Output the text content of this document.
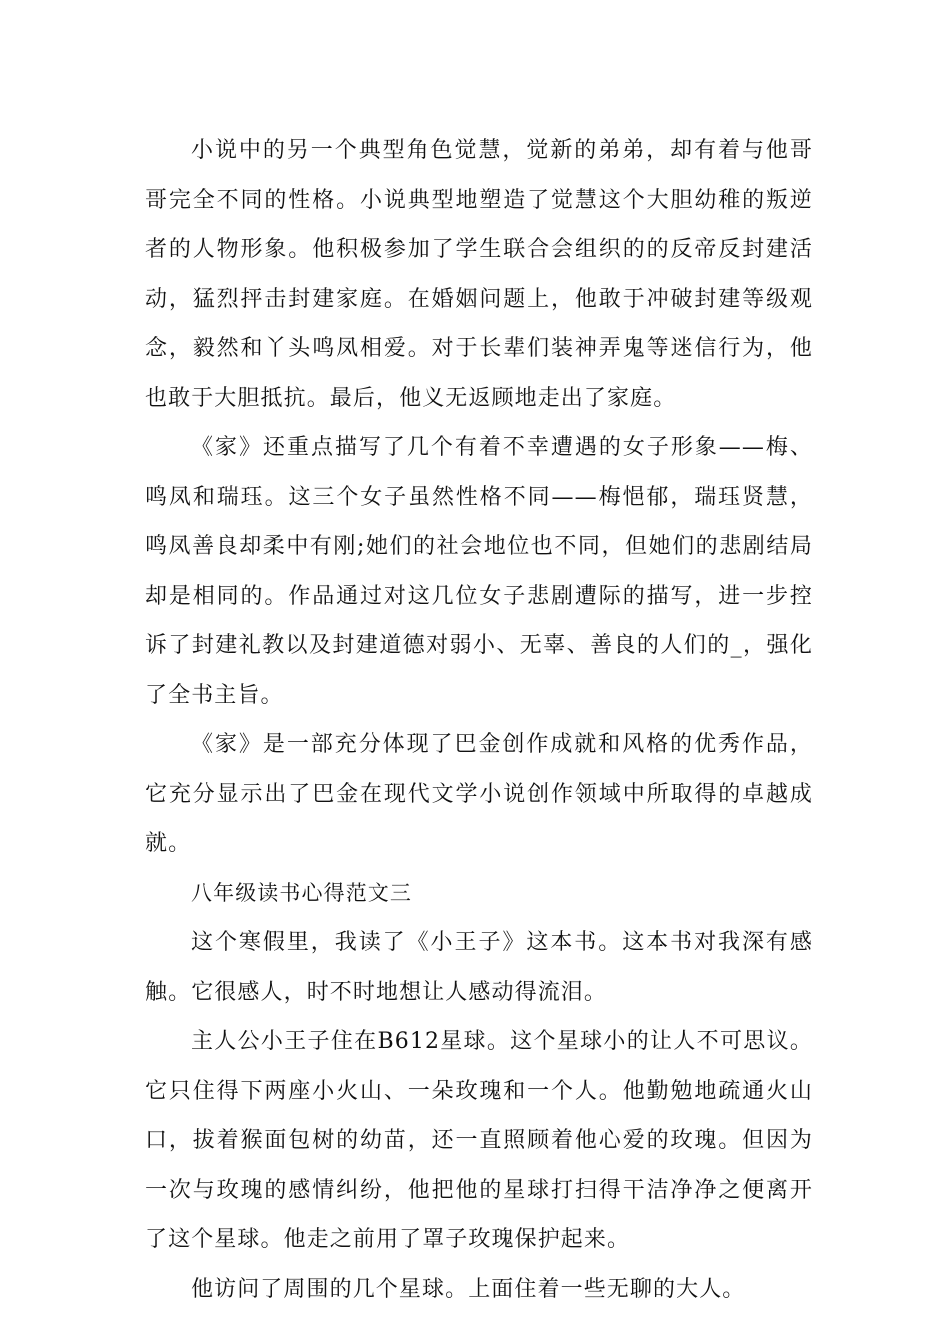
小说中的另一个典型角色觉慧，觉新的弟弟，却有着与他哥哥完全不同的性格。小说典型地塑造了觉慧这个大胆幼稚的叛逆者的人物形象。他积极参加了学生联合会组织的的反帝反封建活动，猛烈抨击封建家庭。在婚姻问题上，他敢于冲破封建等级观念，毅然和丫头鸣凤相爱。对于长辈们装神弄鬼等迷信行为，他也敢于大胆抵抗。最后，他义无返顾地走出了家庭。

《家》还重点描写了几个有着不幸遭遇的女子形象——梅、鸣凤和瑞珏。这三个女子虽然性格不同——梅悒郁，瑞珏贤慧，鸣凤善良却柔中有刚;她们的社会地位也不同，但她们的悲剧结局却是相同的。作品通过对这几位女子悲剧遭际的描写，进一步控诉了封建礼教以及封建道德对弱小、无辜、善良的人们的_，强化了全书主旨。

《家》是一部充分体现了巴金创作成就和风格的优秀作品，它充分显示出了巴金在现代文学小说创作领域中所取得的卓越成就。

八年级读书心得范文三

这个寒假里，我读了《小王子》这本书。这本书对我深有感触。它很感人，时不时地想让人感动得流泪。

主人公小王子住在B612星球。这个星球小的让人不可思议。它只住得下两座小火山、一朵玫瑰和一个人。他勤勉地疏通火山口，拔着猴面包树的幼苗，还一直照顾着他心爱的玫瑰。但因为一次与玫瑰的感情纠纷，他把他的星球打扫得干洁净净之便离开了这个星球。他走之前用了罩子玫瑰保护起来。

他访问了周围的几个星球。上面住着一些无聊的大人。
